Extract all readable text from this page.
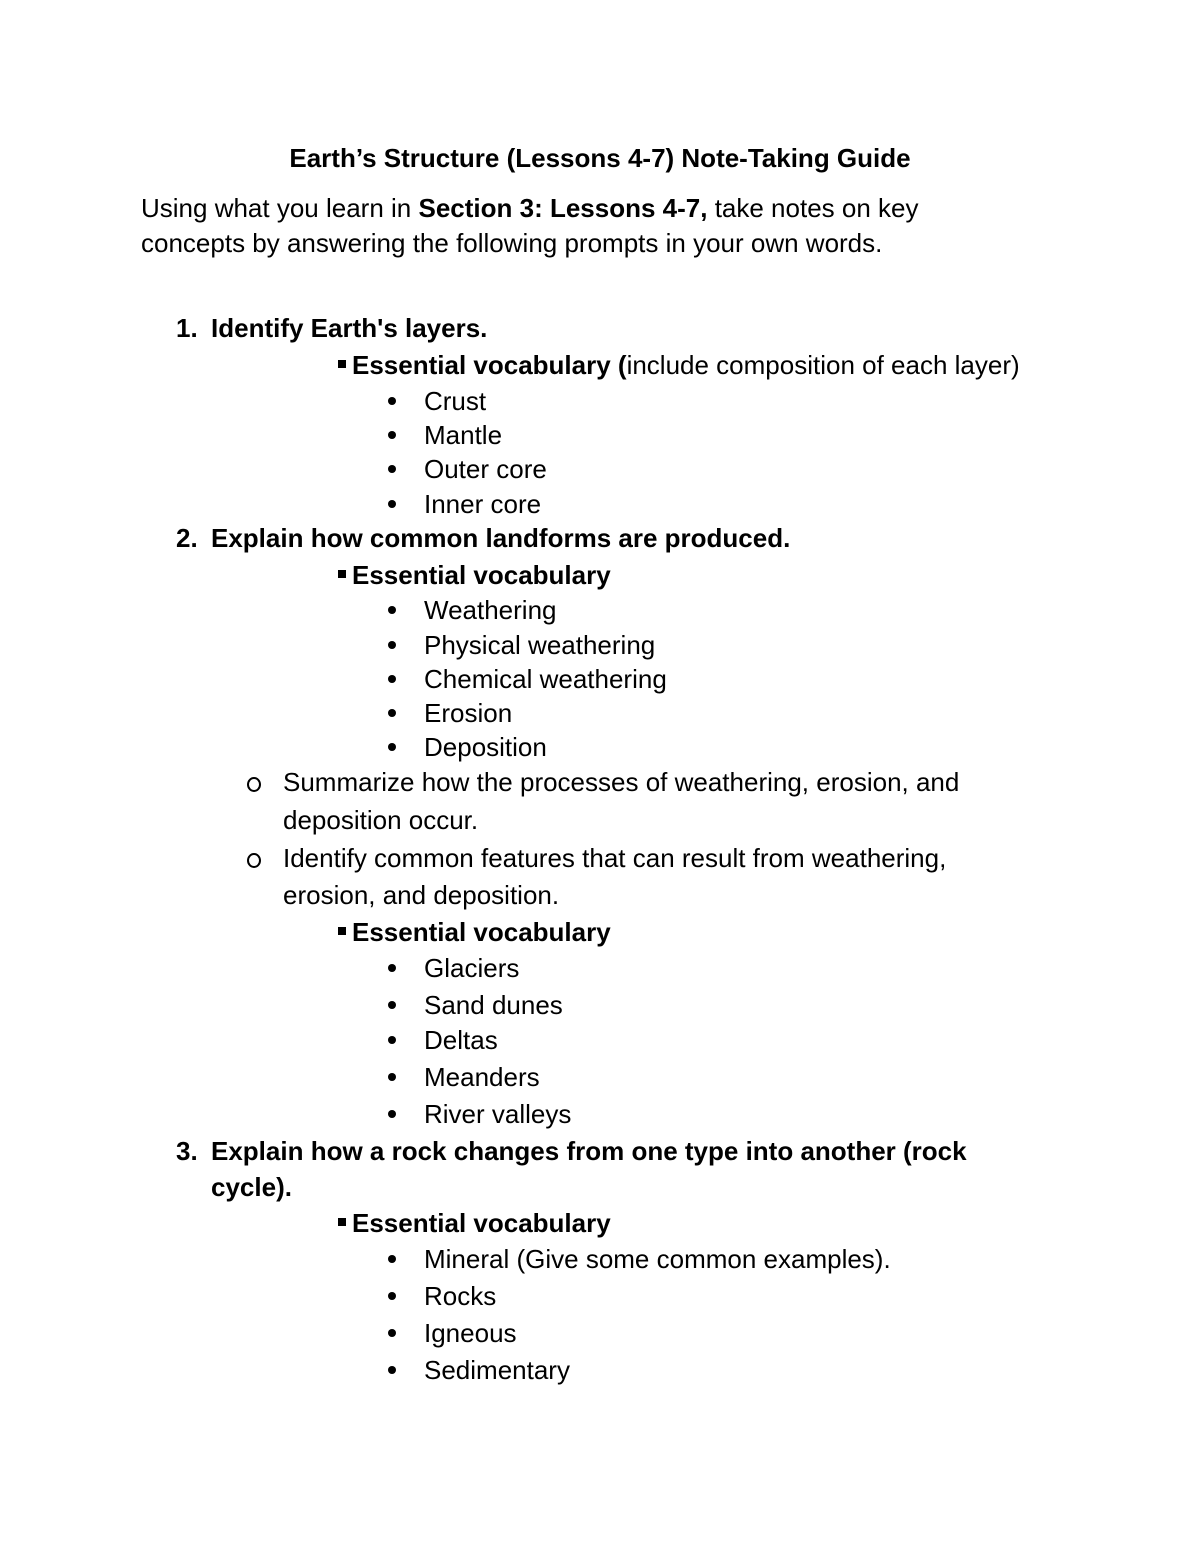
Earth’s Structure (Lessons 4-7) Note-Taking Guide
Using what you learn in Section 3: Lessons 4-7, take notes on key
concepts by answering the following prompts in your own words.
1. Identify Earth's layers.
Essential vocabulary (include composition of each layer)
Crust
Mantle
Outer core
Inner core
2. Explain how common landforms are produced.
Essential vocabulary
Weathering
Physical weathering
Chemical weathering
Erosion
Deposition
Summarize how the processes of weathering, erosion, and
deposition occur.
Identify common features that can result from weathering,
erosion, and deposition.
Essential vocabulary
Glaciers
Sand dunes
Deltas
Meanders
River valleys
3. Explain how a rock changes from one type into another (rock
cycle).
Essential vocabulary
Mineral (Give some common examples).
Rocks
Igneous
Sedimentary
